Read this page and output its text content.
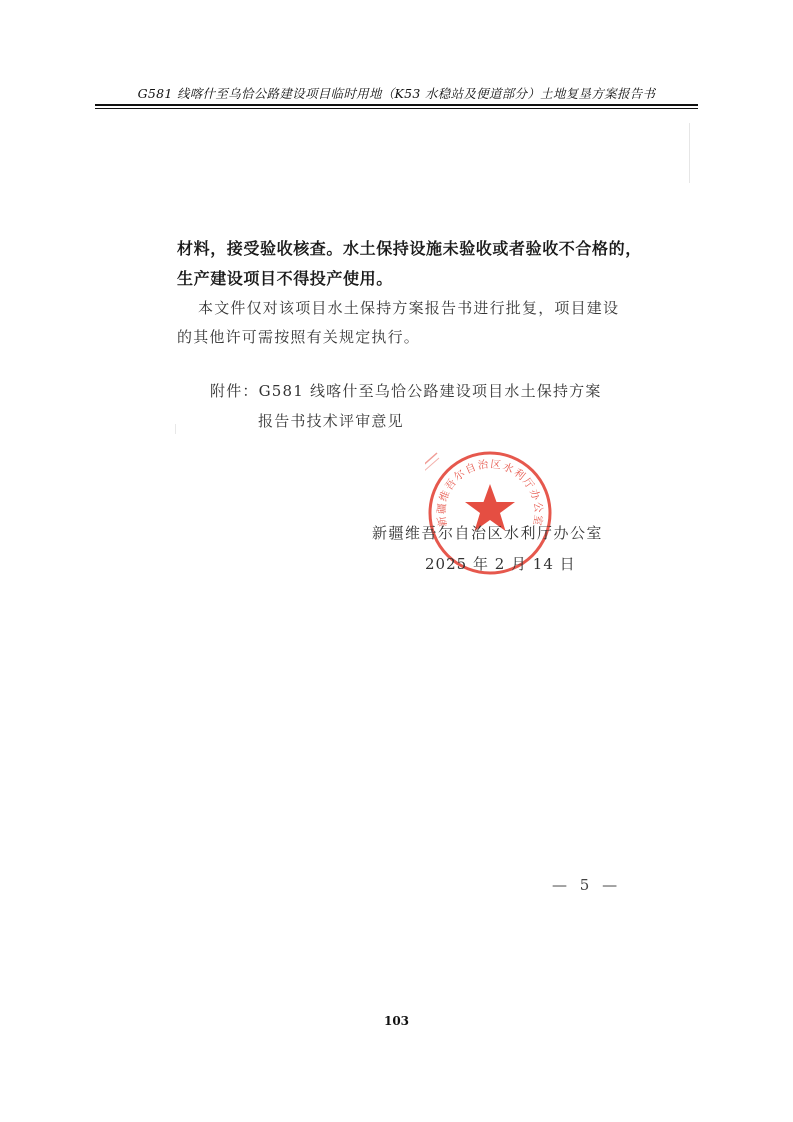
G581 线喀什至乌恰公路建设项目临时用地（K53 水稳站及便道部分）土地复垦方案报告书
材料，接受验收核查。水土保持设施未验收或者验收不合格的，
生产建设项目不得投产使用。
本文件仅对该项目水土保持方案报告书进行批复，项目建设
的其他许可需按照有关规定执行。
附件：G581 线喀什至乌恰公路建设项目水土保持方案
报告书技术评审意见
新疆维吾尔自治区水利厅办公室
新疆维吾尔自治区水利厅办公室
2025 年 2 月 14 日
— 5 —
103
